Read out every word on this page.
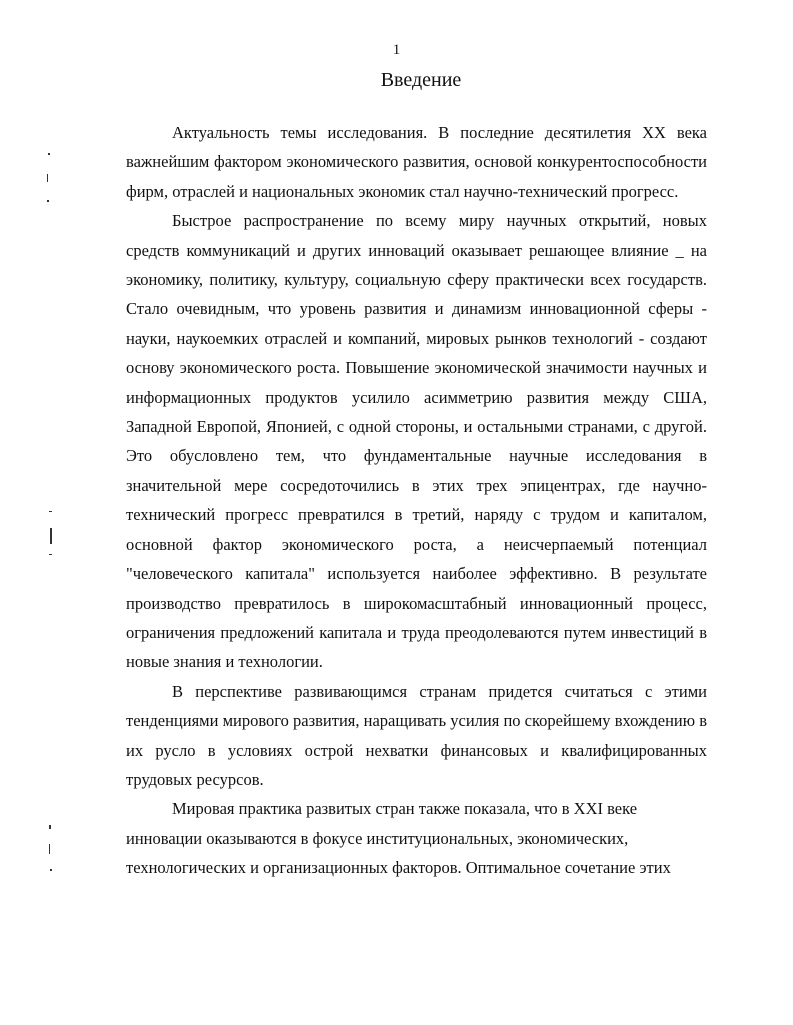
1
Введение

Актуальность темы исследования. В последние десятилетия XX века важнейшим фактором экономического развития, основой конкурентоспособности фирм, отраслей и национальных экономик стал научно-технический прогресс.

Быстрое распространение по всему миру научных открытий, новых средств коммуникаций и других инноваций оказывает решающее влияние _ на экономику, политику, культуру, социальную сферу практически всех государств. Стало очевидным, что уровень развития и динамизм инновационной сферы - науки, наукоемких отраслей и компаний, мировых рынков технологий - создают основу экономического роста. Повышение экономической значимости научных и информационных продуктов усилило асимметрию развития между США, Западной Европой, Японией, с одной стороны, и остальными странами, с другой. Это обусловлено тем, что фундаментальные научные исследования в значительной мере сосредоточились в этих трех эпицентрах, где научно-технический прогресс превратился в третий, наряду с трудом и капиталом, основной фактор экономического роста, а неисчерпаемый потенциал "человеческого капитала" используется наиболее эффективно. В результате производство превратилось в широкомасштабный инновационный процесс, ограничения предложений капитала и труда преодолеваются путем инвестиций в новые знания и технологии.

В перспективе развивающимся странам придется считаться с этими тенденциями мирового развития, наращивать усилия по скорейшему вхождению в их русло в условиях острой нехватки финансовых и квалифицированных трудовых ресурсов.

Мировая практика развитых стран также показала, что в XXI веке инновации оказываются в фокусе институциональных, экономических, технологических и организационных факторов. Оптимальное сочетание этих
